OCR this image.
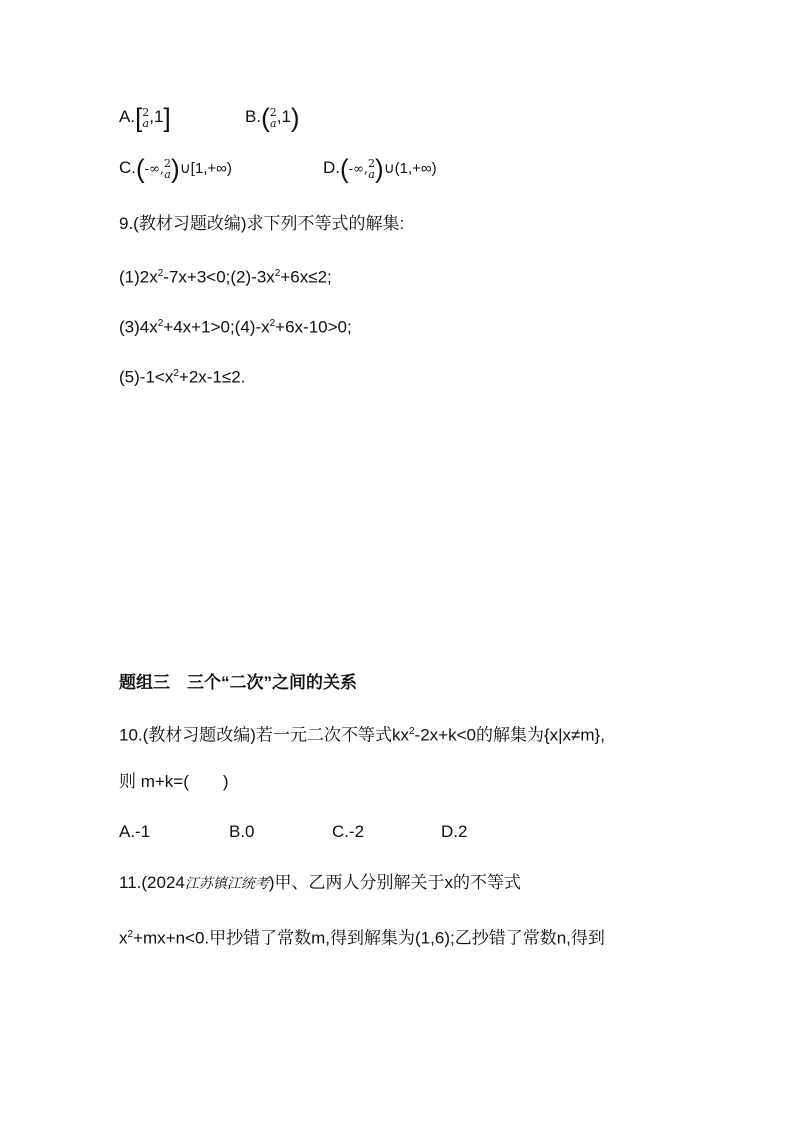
A.[ 2
a ,1]	B.( 2
a ,1)
C.(-∞, 2
a )∪[1,+∞)	D.(-∞, 2
a )∪(1,+∞)
9.(教材习题改编)求下列不等式的解集:
$(1)2x^2-7x+3<0;(2)-3x^2+6x\le 2$;
$(3)4x^2+4x+1>0;(4)-x^2+6x-10>0$;
$(5)-1<x^2+2x-1\le 2$.
题组三　三个“二次”之间的关系
10.(教材习题改编)若一元二次不等式$kx^2-2x+k<0$的解集为{x|x≠m},
则 m+k=(　　)
A.-1	B.0	C.-2	D.2
11.(2024江苏镇江统考)甲、乙两人分别解关于x的不等式
$x^2+mx+n<0$.甲抄错了常数m,得到解集为(1,6);乙抄错了常数n,得到
